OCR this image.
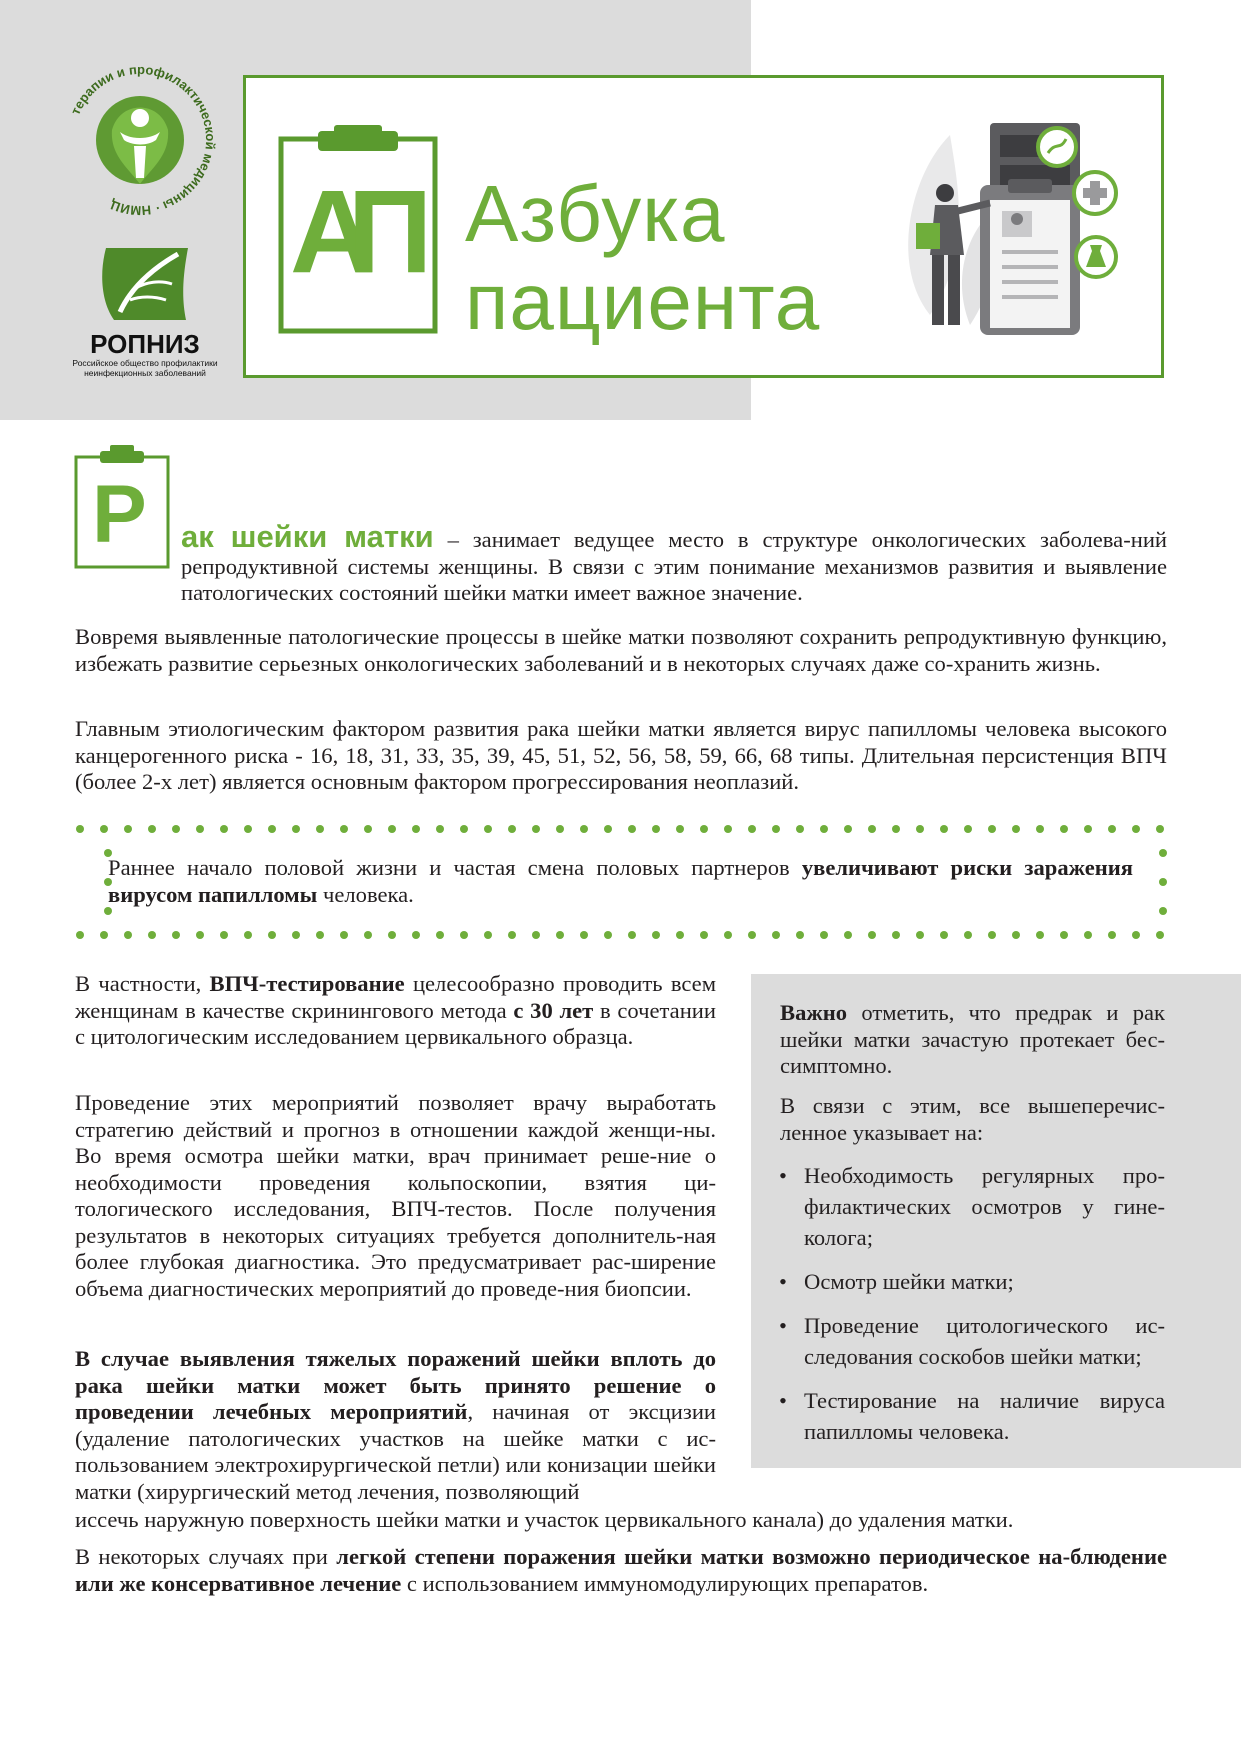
терапии и профилактической медицины · НМИЦ
РОПНИЗ
Российское общество профилактики
неинфекционных заболеваний
АП Азбука
пациента
Р ак шейки матки – занимает ведущее место в структуре онкологических заболева-ний репродуктивной системы женщины. В связи с этим понимание механизмов развития и выявление патологических состояний шейки матки имеет важное значение.

Вовремя выявленные патологические процессы в шейке матки позволяют сохранить репродуктивную функцию, избежать развитие серьезных онкологических заболеваний и в некоторых случаях даже со-хранить жизнь.

Главным этиологическим фактором развития рака шейки матки является вирус папилломы человека высокого канцерогенного риска - 16, 18, 31, 33, 35, 39, 45, 51, 52, 56, 58, 59, 66, 68 типы. Длительная персистенция ВПЧ (более 2-х лет) является основным фактором прогрессирования неоплазий.

Раннее начало половой жизни и частая смена половых партнеров увеличивают риски заражения вирусом папилломы человека.

В частности, ВПЧ-тестирование целесообразно проводить всем женщинам в качестве скринингового метода с 30 лет в сочетании с цитологическим исследованием цервикального образца.

Проведение этих мероприятий позволяет врачу выработать стратегию действий и прогноз в отношении каждой женщи-ны. Во время осмотра шейки матки, врач принимает реше-ние о необходимости проведения кольпоскопии, взятия ци-тологического исследования, ВПЧ-тестов. После получения результатов в некоторых ситуациях требуется дополнитель-ная более глубокая диагностика. Это предусматривает рас-ширение объема диагностических мероприятий до проведе-ния биопсии.

В случае выявления тяжелых поражений шейки вплоть до рака шейки матки может быть принято решение о проведении лечебных мероприятий, начиная от эксцизии (удаление патологических участков на шейке матки с ис-пользованием электрохирургической петли) или конизации шейки матки (хирургический метод лечения, позволяющий

иссечь наружную поверхность шейки матки и участок цервикального канала) до удаления матки.

В некоторых случаях при легкой степени поражения шейки матки возможно периодическое на-блюдение или же консервативное лечение с использованием иммуномодулирующих препаратов.

Важно отметить, что предрак и рак шейки матки зачастую протекает бес-симптомно.

В связи с этим, все вышеперечис-ленное указывает на:

• Необходимость регулярных про-филактических осмотров у гине-колога;
• Осмотр шейки матки;
• Проведение цитологического ис-следования соскобов шейки матки;
• Тестирование на наличие вируса папилломы человека.
